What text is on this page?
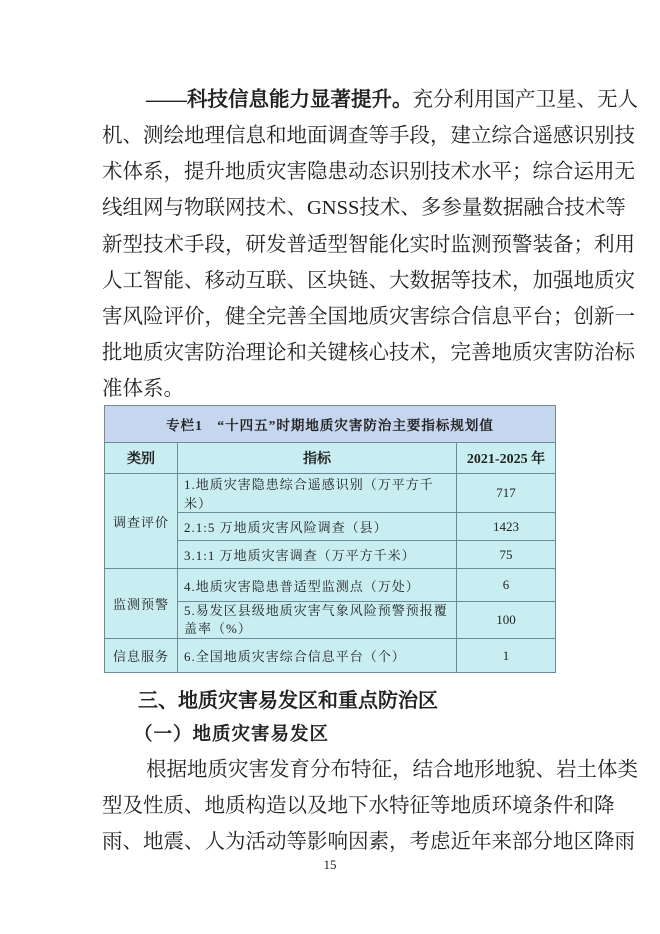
——科技信息能力显著提升。充分利用国产卫星、无人
机、测绘地理信息和地面调查等手段，建立综合遥感识别技
术体系，提升地质灾害隐患动态识别技术水平；综合运用无
线组网与物联网技术、GNSS技术、多参量数据融合技术等
新型技术手段，研发普适型智能化实时监测预警装备；利用
人工智能、移动互联、区块链、大数据等技术，加强地质灾
害风险评价，健全完善全国地质灾害综合信息平台；创新一
批地质灾害防治理论和关键核心技术，完善地质灾害防治标
准体系。
专栏1　“十四五”时期地质灾害防治主要指标规划值		
类别	指标	2021-2025 年
调查评价	1.地质灾害隐患综合遥感识别（万平方千米）	717
	2.1:5 万地质灾害风险调查（县）	1423
	3.1:1 万地质灾害调查（万平方千米）	75
监测预警	4.地质灾害隐患普适型监测点（万处）	6
	5.易发区县级地质灾害气象风险预警预报覆盖率（%）	100
信息服务	6.全国地质灾害综合信息平台（个）	1
三、地质灾害易发区和重点防治区
（一）地质灾害易发区
根据地质灾害发育分布特征，结合地形地貌、岩土体类
型及性质、地质构造以及地下水特征等地质环境条件和降
雨、地震、人为活动等影响因素，考虑近年来部分地区降雨
15
